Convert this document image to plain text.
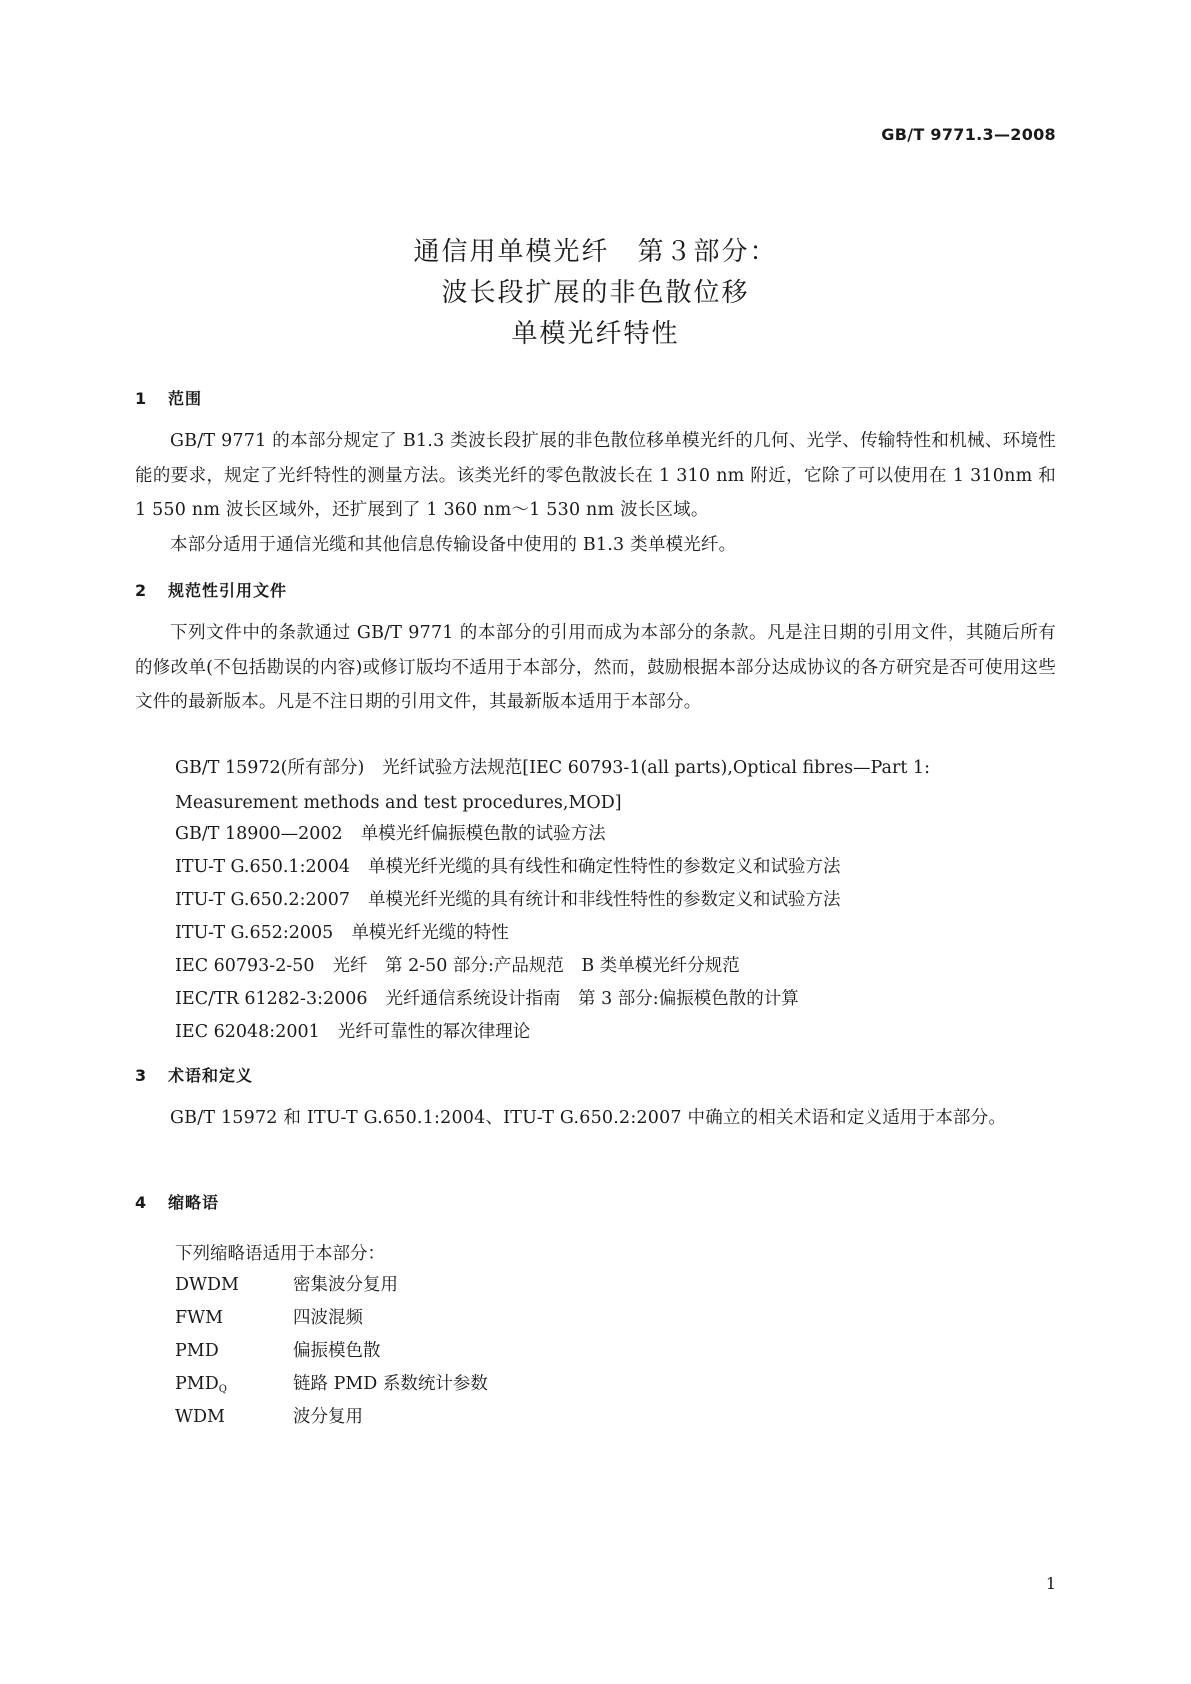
GB/T 9771.3—2008
通信用单模光纤　第３部分：
波长段扩展的非色散位移
单模光纤特性
1 范围

GB/T 9771 的本部分规定了 B1.3 类波长段扩展的非色散位移单模光纤的几何、光学、传输特性和机械、环境性能的要求，规定了光纤特性的测量方法。该类光纤的零色散波长在 1 310 nm 附近，它除了可以使用在 1 310nm 和 1 550 nm 波长区域外，还扩展到了 1 360 nm～1 530 nm 波长区域。

本部分适用于通信光缆和其他信息传输设备中使用的 B1.3 类单模光纤。

2 规范性引用文件

下列文件中的条款通过 GB/T 9771 的本部分的引用而成为本部分的条款。凡是注日期的引用文件，其随后所有的修改单(不包括勘误的内容)或修订版均不适用于本部分，然而，鼓励根据本部分达成协议的各方研究是否可使用这些文件的最新版本。凡是不注日期的引用文件，其最新版本适用于本部分。

GB/T 15972(所有部分) 光纤试验方法规范[IEC 60793-1(all parts),Optical fibres—Part 1: Measurement methods and test procedures,MOD]
GB/T 18900—2002 单模光纤偏振模色散的试验方法
ITU-T G.650.1:2004 单模光纤光缆的具有线性和确定性特性的参数定义和试验方法
ITU-T G.650.2:2007 单模光纤光缆的具有统计和非线性特性的参数定义和试验方法
ITU-T G.652:2005 单模光纤光缆的特性
IEC 60793-2-50 光纤　第 2-50 部分:产品规范　B 类单模光纤分规范
IEC/TR 61282-3:2006 光纤通信系统设计指南　第 3 部分:偏振模色散的计算
IEC 62048:2001 光纤可靠性的幂次律理论
3 术语和定义

GB/T 15972 和 ITU-T G.650.1:2004、ITU-T G.650.2:2007 中确立的相关术语和定义适用于本部分。

4 缩略语
下列缩略语适用于本部分：
DWDM	密集波分复用
FWM	四波混频
PMD	偏振模色散
$PMD_Q$	链路 PMD 系数统计参数
WDM	波分复用
1
